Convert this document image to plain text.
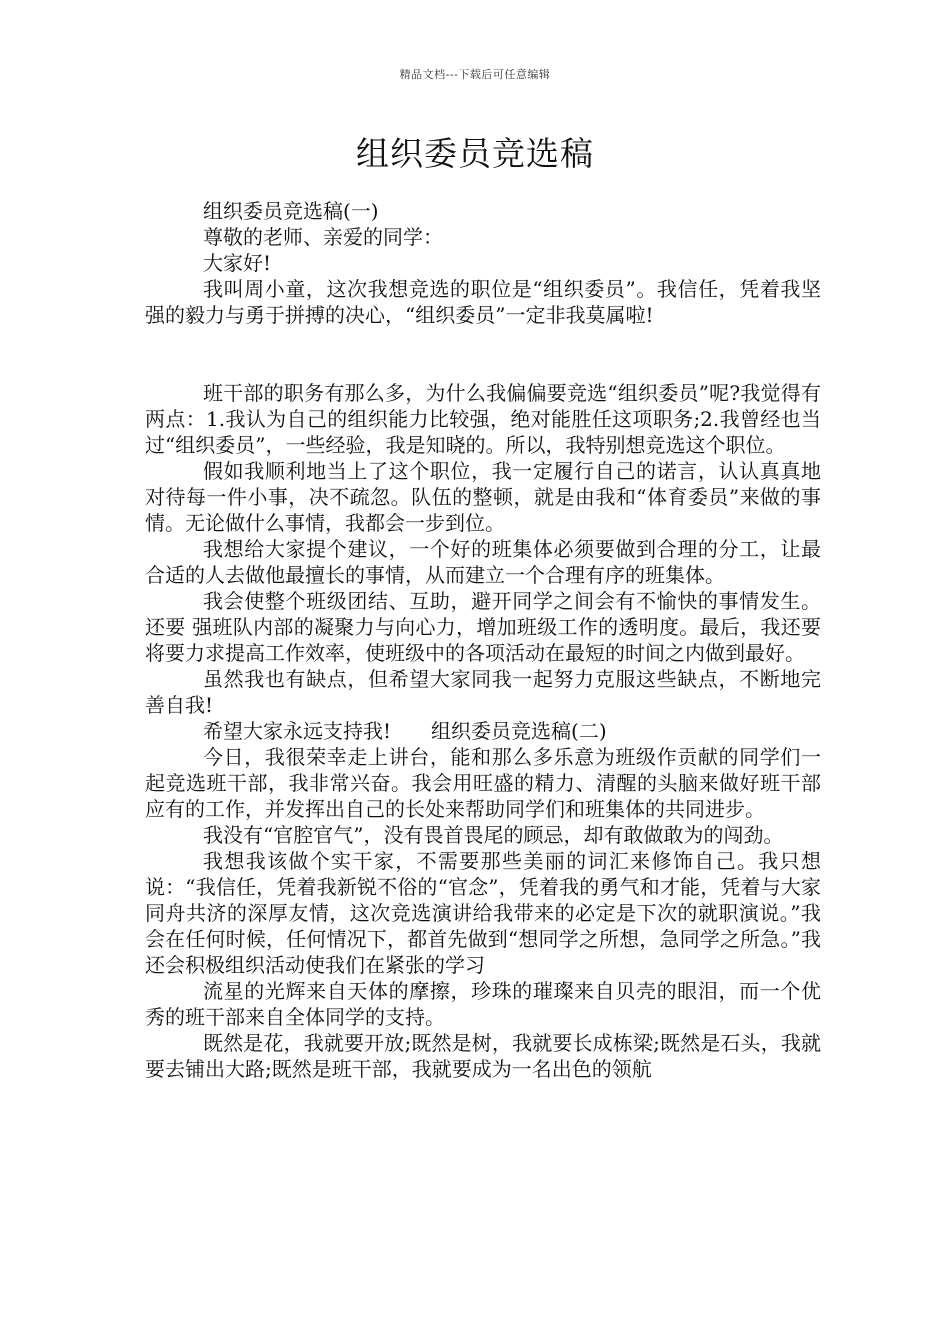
精品文档---下载后可任意编辑
组织委员竞选稿

组织委员竞选稿(一)

尊敬的老师、亲爱的同学：

大家好!

我叫周小童，这次我想竞选的职位是“组织委员”。我信任，凭着我坚强的毅力与勇于拼搏的决心，“组织委员”一定非我莫属啦!

班干部的职务有那么多，为什么我偏偏要竞选“组织委员”呢?我觉得有两点：1.我认为自己的组织能力比较强，绝对能胜任这项职务;2.我曾经也当过“组织委员”，一些经验，我是知晓的。所以，我特别想竞选这个职位。

假如我顺利地当上了这个职位，我一定履行自己的诺言，认认真真地对待每一件小事，决不疏忽。队伍的整顿，就是由我和“体育委员”来做的事情。无论做什么事情，我都会一步到位。

我想给大家提个建议，一个好的班集体必须要做到合理的分工，让最合适的人去做他最擅长的事情，从而建立一个合理有序的班集体。

我会使整个班级团结、互助，避开同学之间会有不愉快的事情发生。还要 强班队内部的凝聚力与向心力，增加班级工作的透明度。最后，我还要将要力求提高工作效率，使班级中的各项活动在最短的时间之内做到最好。

虽然我也有缺点，但希望大家同我一起努力克服这些缺点，不断地完善自我!

希望大家永远支持我!　　组织委员竞选稿(二)

今日，我很荣幸走上讲台，能和那么多乐意为班级作贡献的同学们一起竞选班干部，我非常兴奋。我会用旺盛的精力、清醒的头脑来做好班干部应有的工作，并发挥出自己的长处来帮助同学们和班集体的共同进步。

我没有“官腔官气”，没有畏首畏尾的顾忌，却有敢做敢为的闯劲。

我想我该做个实干家，不需要那些美丽的词汇来修饰自己。我只想说：“我信任，凭着我新锐不俗的“官念”，凭着我的勇气和才能，凭着与大家同舟共济的深厚友情，这次竞选演讲给我带来的必定是下次的就职演说。”我会在任何时候，任何情况下，都首先做到“想同学之所想，急同学之所急。”我还会积极组织活动使我们在紧张的学习

流星的光辉来自天体的摩擦，珍珠的璀璨来自贝壳的眼泪，而一个优秀的班干部来自全体同学的支持。

既然是花，我就要开放;既然是树，我就要长成栋梁;既然是石头，我就要去铺出大路;既然是班干部，我就要成为一名出色的领航
